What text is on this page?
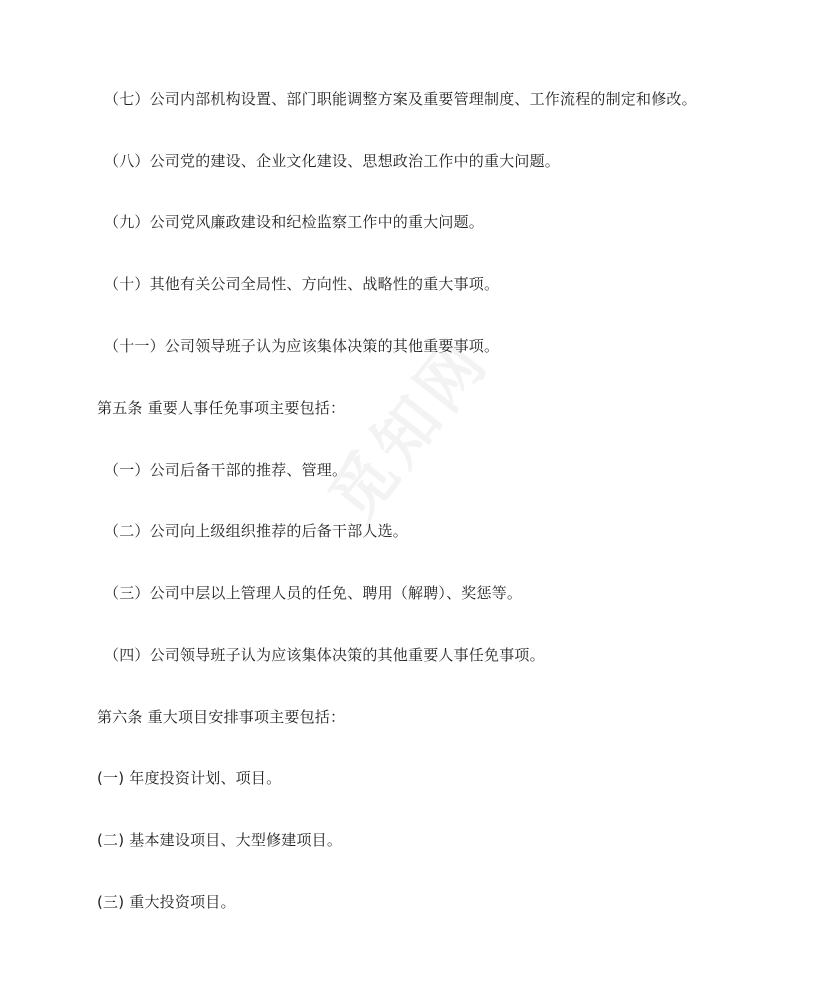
（七）公司内部机构设置、部门职能调整方案及重要管理制度、工作流程的制定和修改。

（八）公司党的建设、企业文化建设、思想政治工作中的重大问题。

（九）公司党风廉政建设和纪检监察工作中的重大问题。

（十）其他有关公司全局性、方向性、战略性的重大事项。

（十一）公司领导班子认为应该集体决策的其他重要事项。

第五条 重要人事任免事项主要包括：

（一）公司后备干部的推荐、管理。

（二）公司向上级组织推荐的后备干部人选。

（三）公司中层以上管理人员的任免、聘用（解聘）、奖惩等。

（四）公司领导班子认为应该集体决策的其他重要人事任免事项。

第六条 重大项目安排事项主要包括：

(一) 年度投资计划、项目。

(二) 基本建设项目、大型修建项目。

(三) 重大投资项目。
